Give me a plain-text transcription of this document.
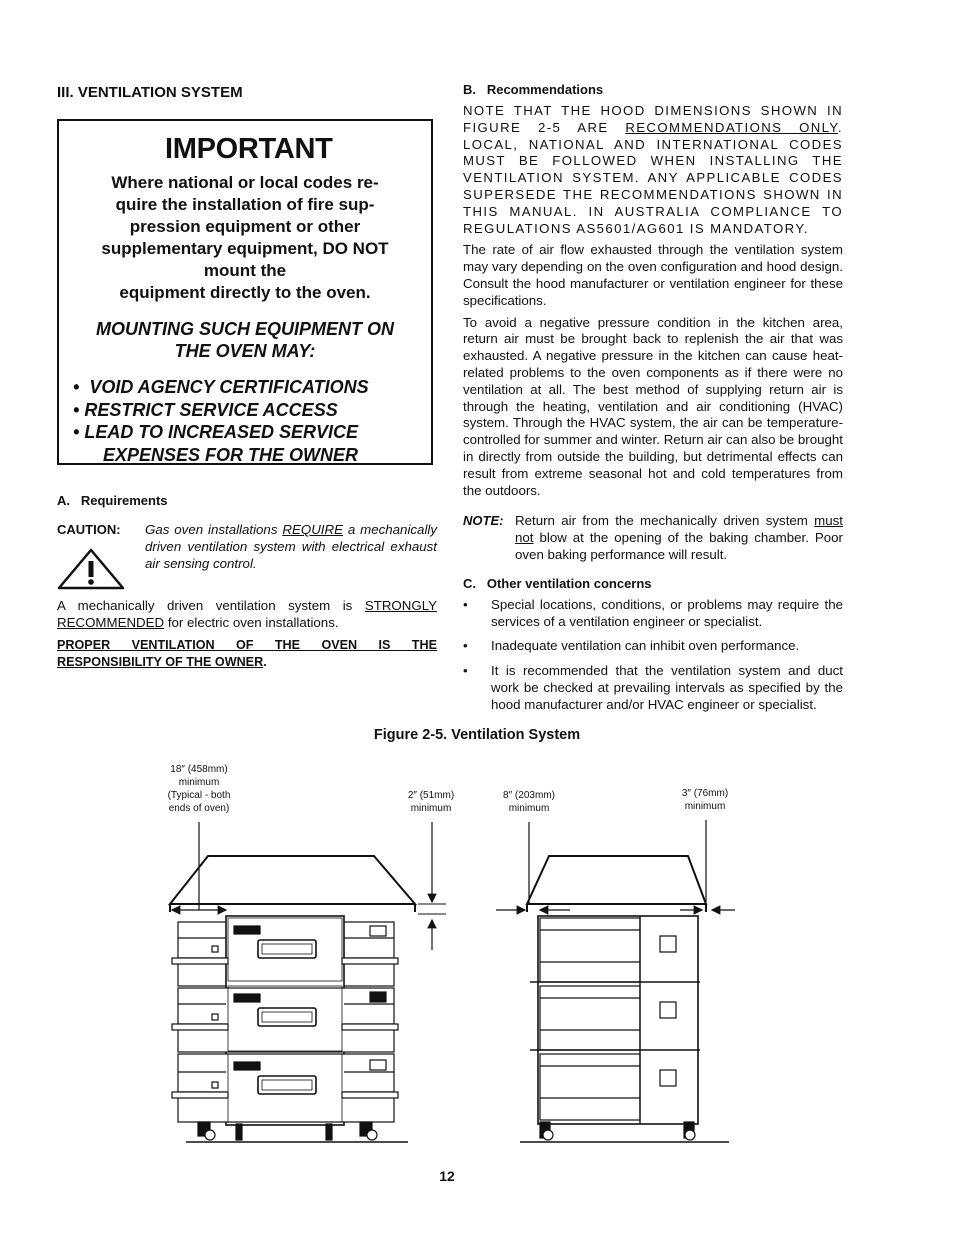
III. VENTILATION SYSTEM
IMPORTANT
Where national or local codes re-
quire the installation of fire sup-
pression equipment or other
supplementary equipment, DO NOT
mount the
equipment directly to the oven.
MOUNTING SUCH EQUIPMENT ON
THE OVEN MAY:
• VOID AGENCY CERTIFICATIONS
• RESTRICT SERVICE ACCESS
• LEAD TO INCREASED SERVICE
EXPENSES FOR THE OWNER
A.   Requirements
CAUTION:	Gas oven installations REQUIRE a mechanically driven ventilation system with electrical exhaust air sensing control.

A mechanically driven ventilation system is STRONGLY RECOMMENDED for electric oven installations.

PROPER VENTILATION OF THE OVEN IS THE RESPONSIBILITY OF THE OWNER.

B.   Recommendations

NOTE THAT THE HOOD DIMENSIONS SHOWN IN FIGURE 2-5 ARE RECOMMENDATIONS ONLY. LOCAL, NATIONAL AND INTERNATIONAL CODES MUST BE FOLLOWED WHEN INSTALLING THE VENTILATION SYSTEM. ANY APPLICABLE CODES SUPERSEDE THE RECOMMENDATIONS SHOWN IN THIS MANUAL. IN AUSTRALIA COMPLIANCE TO REGULATIONS AS5601/AG601 IS MANDATORY.

The rate of air flow exhausted through the ventilation system may vary depending on the oven configuration and hood design. Consult the hood manufacturer or ventilation engineer for these specifications.

To avoid a negative pressure condition in the kitchen area, return air must be brought back to replenish the air that was exhausted. A negative pressure in the kitchen can cause heat-related problems to the oven components as if there were no ventilation at all. The best method of supplying return air is through the heating, ventilation and air conditioning (HVAC) system. Through the HVAC system, the air can be temperature-controlled for summer and winter. Return air can also be brought in directly from outside the building, but detrimental effects can result from extreme seasonal hot and cold temperatures from the outdoors.

NOTE: Return air from the mechanically driven system must not blow at the opening of the baking chamber. Poor oven baking performance will result.
C.   Other ventilation concerns
•	Special locations, conditions, or problems may require the services of a ventilation engineer or specialist.
•	Inadequate ventilation can inhibit oven performance.
•	It is recommended that the ventilation system and duct work be checked at prevailing intervals as specified by the hood manufacturer and/or HVAC engineer or specialist.
Figure 2-5. Ventilation System
18″ (458mm)
minimum
(Typical - both
ends of oven)
2″ (51mm)
minimum
8″ (203mm)
minimum
3″ (76mm)
minimum
12
